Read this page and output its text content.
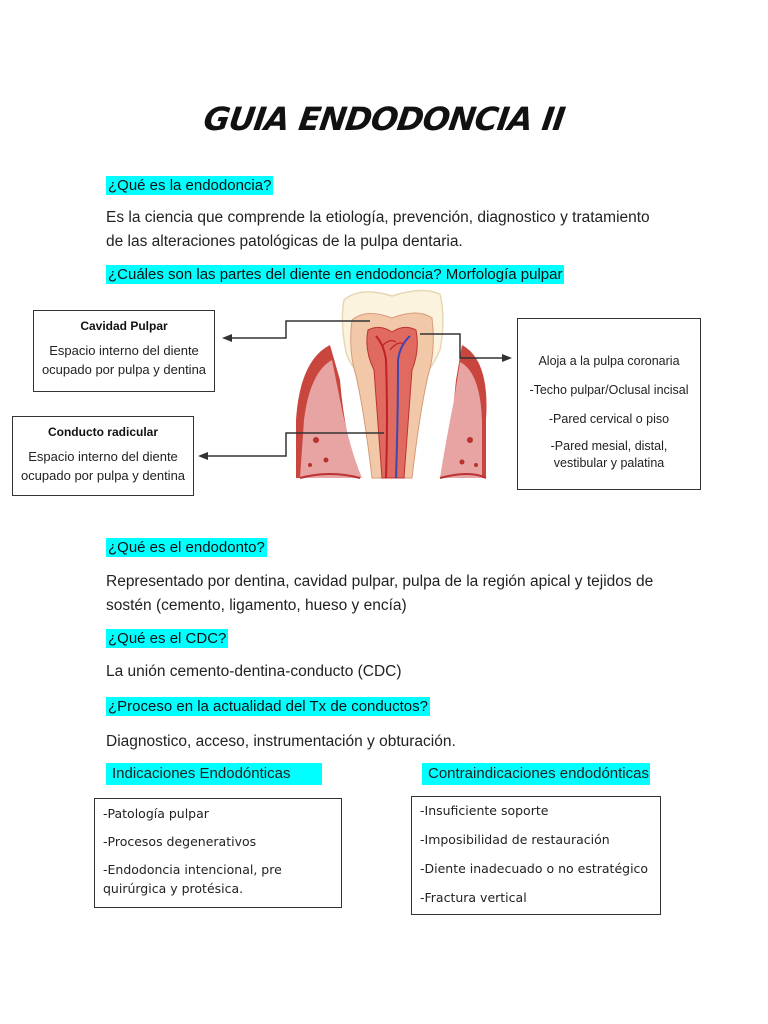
GUIA ENDODONCIA II
¿Qué es la endodoncia?
Es la ciencia que comprende la etiología, prevención, diagnostico y tratamiento de las alteraciones patológicas de la pulpa dentaria.
¿Cuáles son las partes del diente en endodoncia? Morfología pulpar
Cavidad Pulpar
Espacio interno del diente
ocupado por pulpa y dentina
Conducto radicular
Espacio interno del diente
ocupado por pulpa y dentina
Aloja a la pulpa coronaria
-Techo pulpar/Oclusal incisal
-Pared cervical o piso
-Pared mesial, distal,
vestibular y palatina
¿Qué es el endodonto?
Representado por dentina, cavidad pulpar, pulpa de la región apical y tejidos de sostén (cemento, ligamento, hueso y encía)
¿Qué es el CDC?
La unión cemento-dentina-conducto (CDC)
¿Proceso en la actualidad del Tx de conductos?
Diagnostico, acceso, instrumentación y obturación.
Indicaciones Endodónticas	Contraindicaciones endodónticas
-Patología pulpar
-Procesos degenerativos
-Endodoncia intencional, pre
quirúrgica y protésica.
-Insuficiente soporte
-Imposibilidad de restauración
-Diente inadecuado o no estratégico
-Fractura vertical
